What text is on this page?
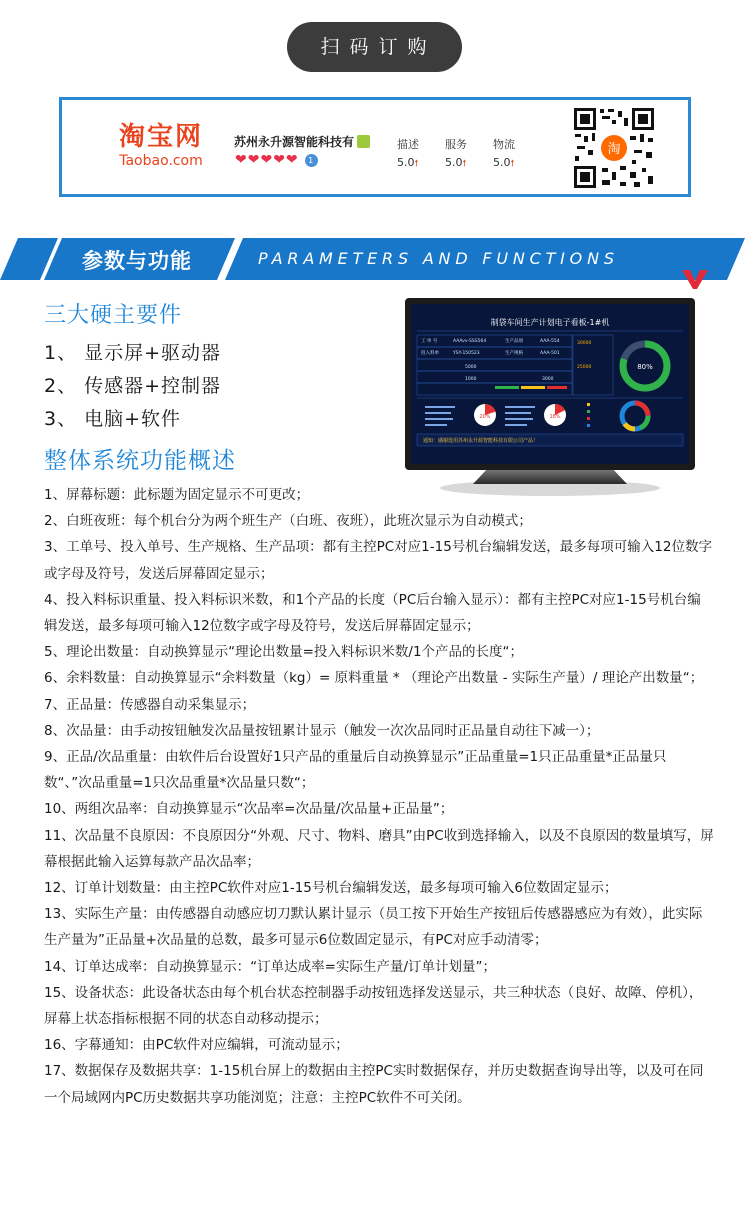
扫码订购
淘宝网
Taobao.com
苏州永升源智能科技有
❤❤❤❤❤ 1
描述	服务	物流
5.0🠕	5.0🠕	5.0🠕
淘
参数与功能	PARAMETERS AND FUNCTIONS
三大硬主要件
1、 显示屏+驱动器
2、 传感器+控制器
3、 电脑+软件
整体系统功能概述
制袋车间生产计划电子看板-1#机
工 单 号	AAAvv-SSS564	生产品项	AAA-554
投入料单	YSY-150523	生产规格	AAA-501
5000
1000	3000
30000
25000	80%
20%	18%
通知：感谢选用苏州永升源智能科技有限公司产品！

1、屏幕标题：此标题为固定显示不可更改；

2、白班夜班：每个机台分为两个班生产（白班、夜班），此班次显示为自动模式；

3、工单号、投入单号、生产规格、生产品项：都有主控PC对应1-15号机台编辑发送，最多每项可输入12位数字或字母及符号，发送后屏幕固定显示；

4、投入料标识重量、投入料标识米数，和1个产品的长度（PC后台输入显示）：都有主控PC对应1-15号机台编辑发送，最多每项可输入12位数字或字母及符号，发送后屏幕固定显示；

5、理论出数量：自动换算显示“理论出数量=投入料标识米数/1个产品的长度“；

6、余料数量：自动换算显示“余料数量（kg）= 原料重量 * （理论产出数量 - 实际生产量）/ 理论产出数量“；

7、正品量：传感器自动采集显示；

8、次品量：由手动按钮触发次品量按钮累计显示（触发一次次品同时正品量自动往下减一）；

9、正品/次品重量：由软件后台设置好1只产品的重量后自动换算显示”正品重量=1只正品重量*正品量只数“、”次品重量=1只次品重量*次品量只数“；

10、两组次品率：自动换算显示“次品率=次品量/次品量+正品量”；

11、次品量不良原因：不良原因分“外观、尺寸、物料、磨具”由PC收到选择输入，以及不良原因的数量填写，屏幕根据此输入运算每款产品次品率；

12、订单计划数量：由主控PC软件对应1-15号机台编辑发送，最多每项可输入6位数固定显示；

13、实际生产量：由传感器自动感应切刀默认累计显示（员工按下开始生产按钮后传感器感应为有效），此实际生产量为”正品量+次品量的总数，最多可显示6位数固定显示，有PC对应手动清零；

14、订单达成率：自动换算显示：“订单达成率=实际生产量/订单计划量”；

15、设备状态：此设备状态由每个机台状态控制器手动按钮选择发送显示，共三种状态（良好、故障、停机），屏幕上状态指标根据不同的状态自动移动提示；

16、字幕通知：由PC软件对应编辑，可流动显示；

17、数据保存及数据共享：1-15机台屏上的数据由主控PC实时数据保存，并历史数据查询导出等，以及可在同一个局域网内PC历史数据共享功能浏览；注意：主控PC软件不可关闭。
